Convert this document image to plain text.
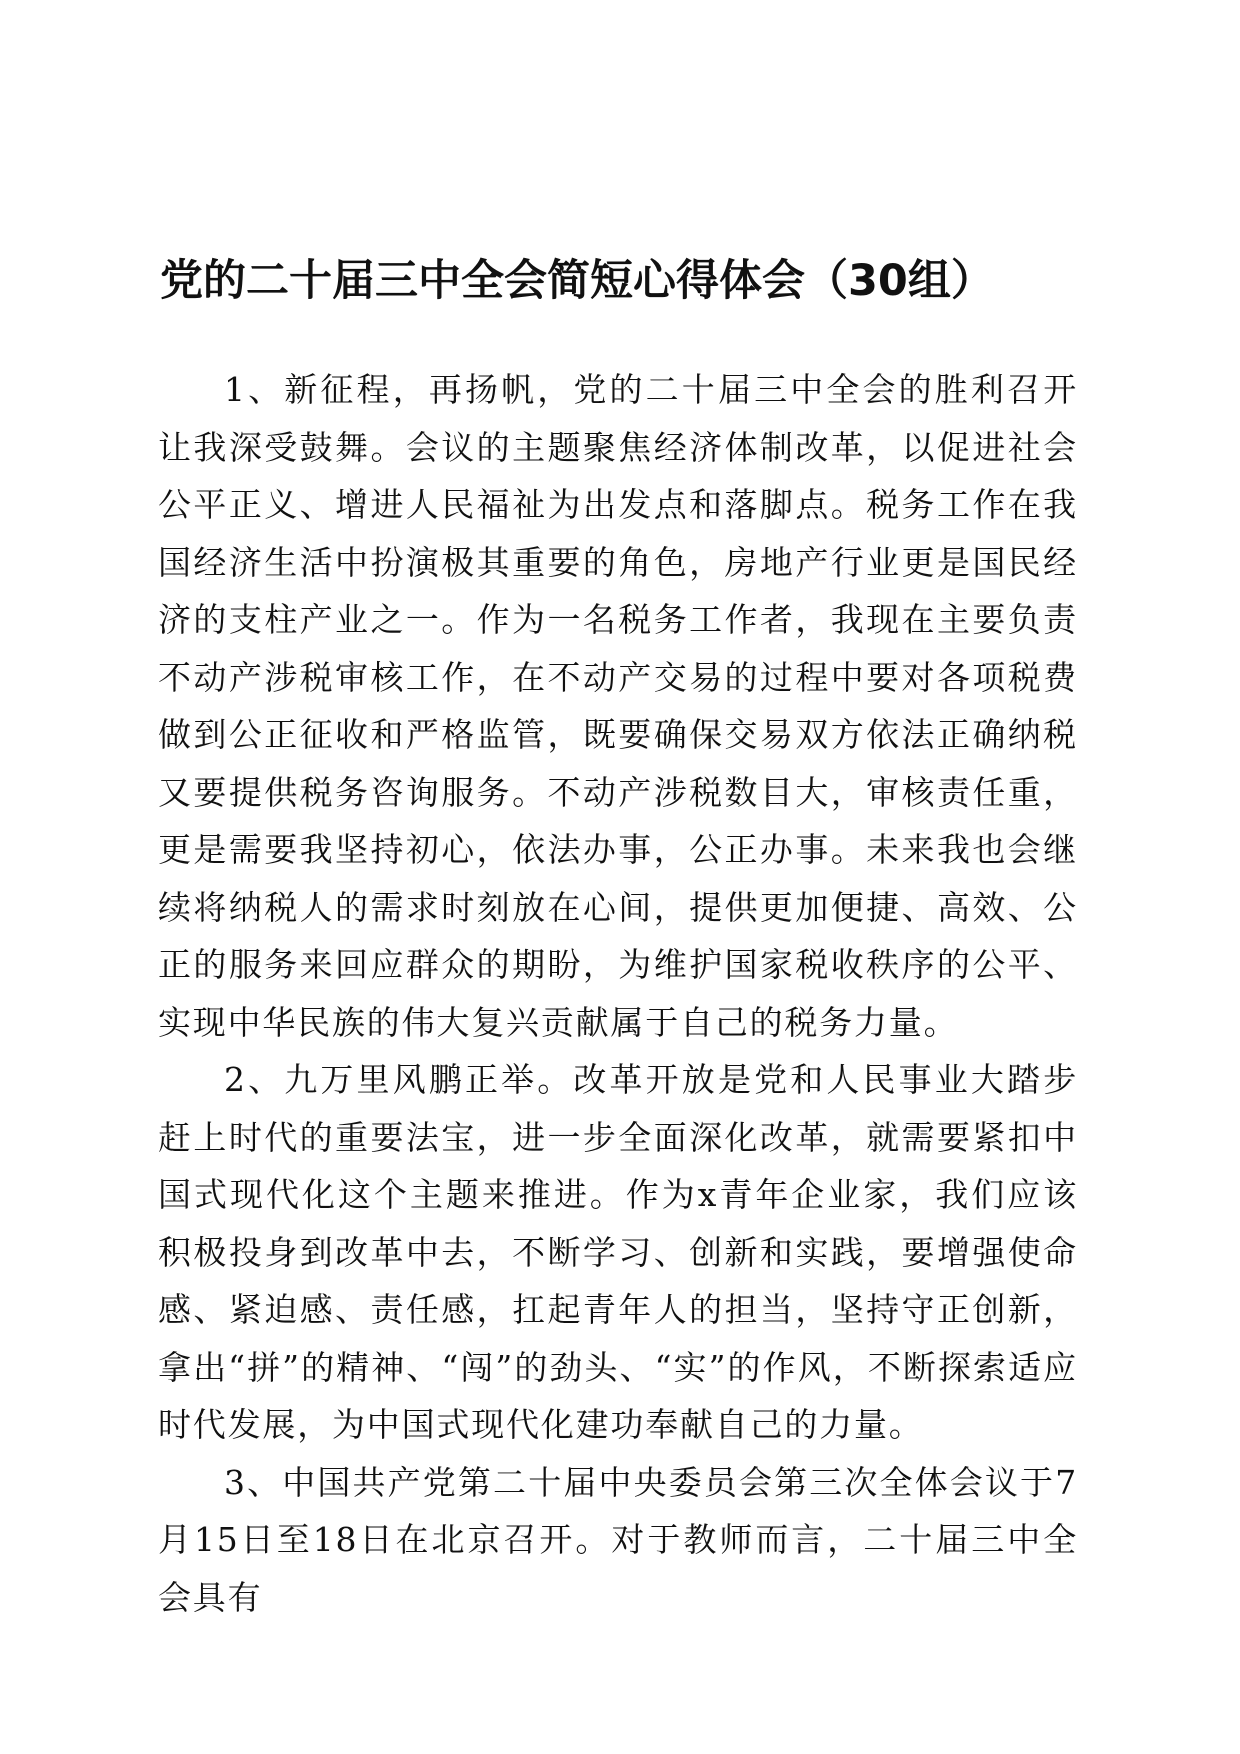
党的二十届三中全会简短心得体会（30组）

1、新征程，再扬帆，党的二十届三中全会的胜利召开让我深受鼓舞。会议的主题聚焦经济体制改革，以促进社会公平正义、增进人民福祉为出发点和落脚点。税务工作在我国经济生活中扮演极其重要的角色，房地产行业更是国民经济的支柱产业之一。作为一名税务工作者，我现在主要负责不动产涉税审核工作，在不动产交易的过程中要对各项税费做到公正征收和严格监管，既要确保交易双方依法正确纳税又要提供税务咨询服务。不动产涉税数目大，审核责任重，更是需要我坚持初心，依法办事，公正办事。未来我也会继续将纳税人的需求时刻放在心间，提供更加便捷、高效、公正的服务来回应群众的期盼，为维护国家税收秩序的公平、实现中华民族的伟大复兴贡献属于自己的税务力量。

2、九万里风鹏正举。改革开放是党和人民事业大踏步赶上时代的重要法宝，进一步全面深化改革，就需要紧扣中国式现代化这个主题来推进。作为x青年企业家，我们应该积极投身到改革中去，不断学习、创新和实践，要增强使命感、紧迫感、责任感，扛起青年人的担当，坚持守正创新，拿出“拼”的精神、“闯”的劲头、“实”的作风，不断探索适应时代发展，为中国式现代化建功奉献自己的力量。

3、中国共产党第二十届中央委员会第三次全体会议于7月15日至18日在北京召开。对于教师而言，二十届三中全会具有
